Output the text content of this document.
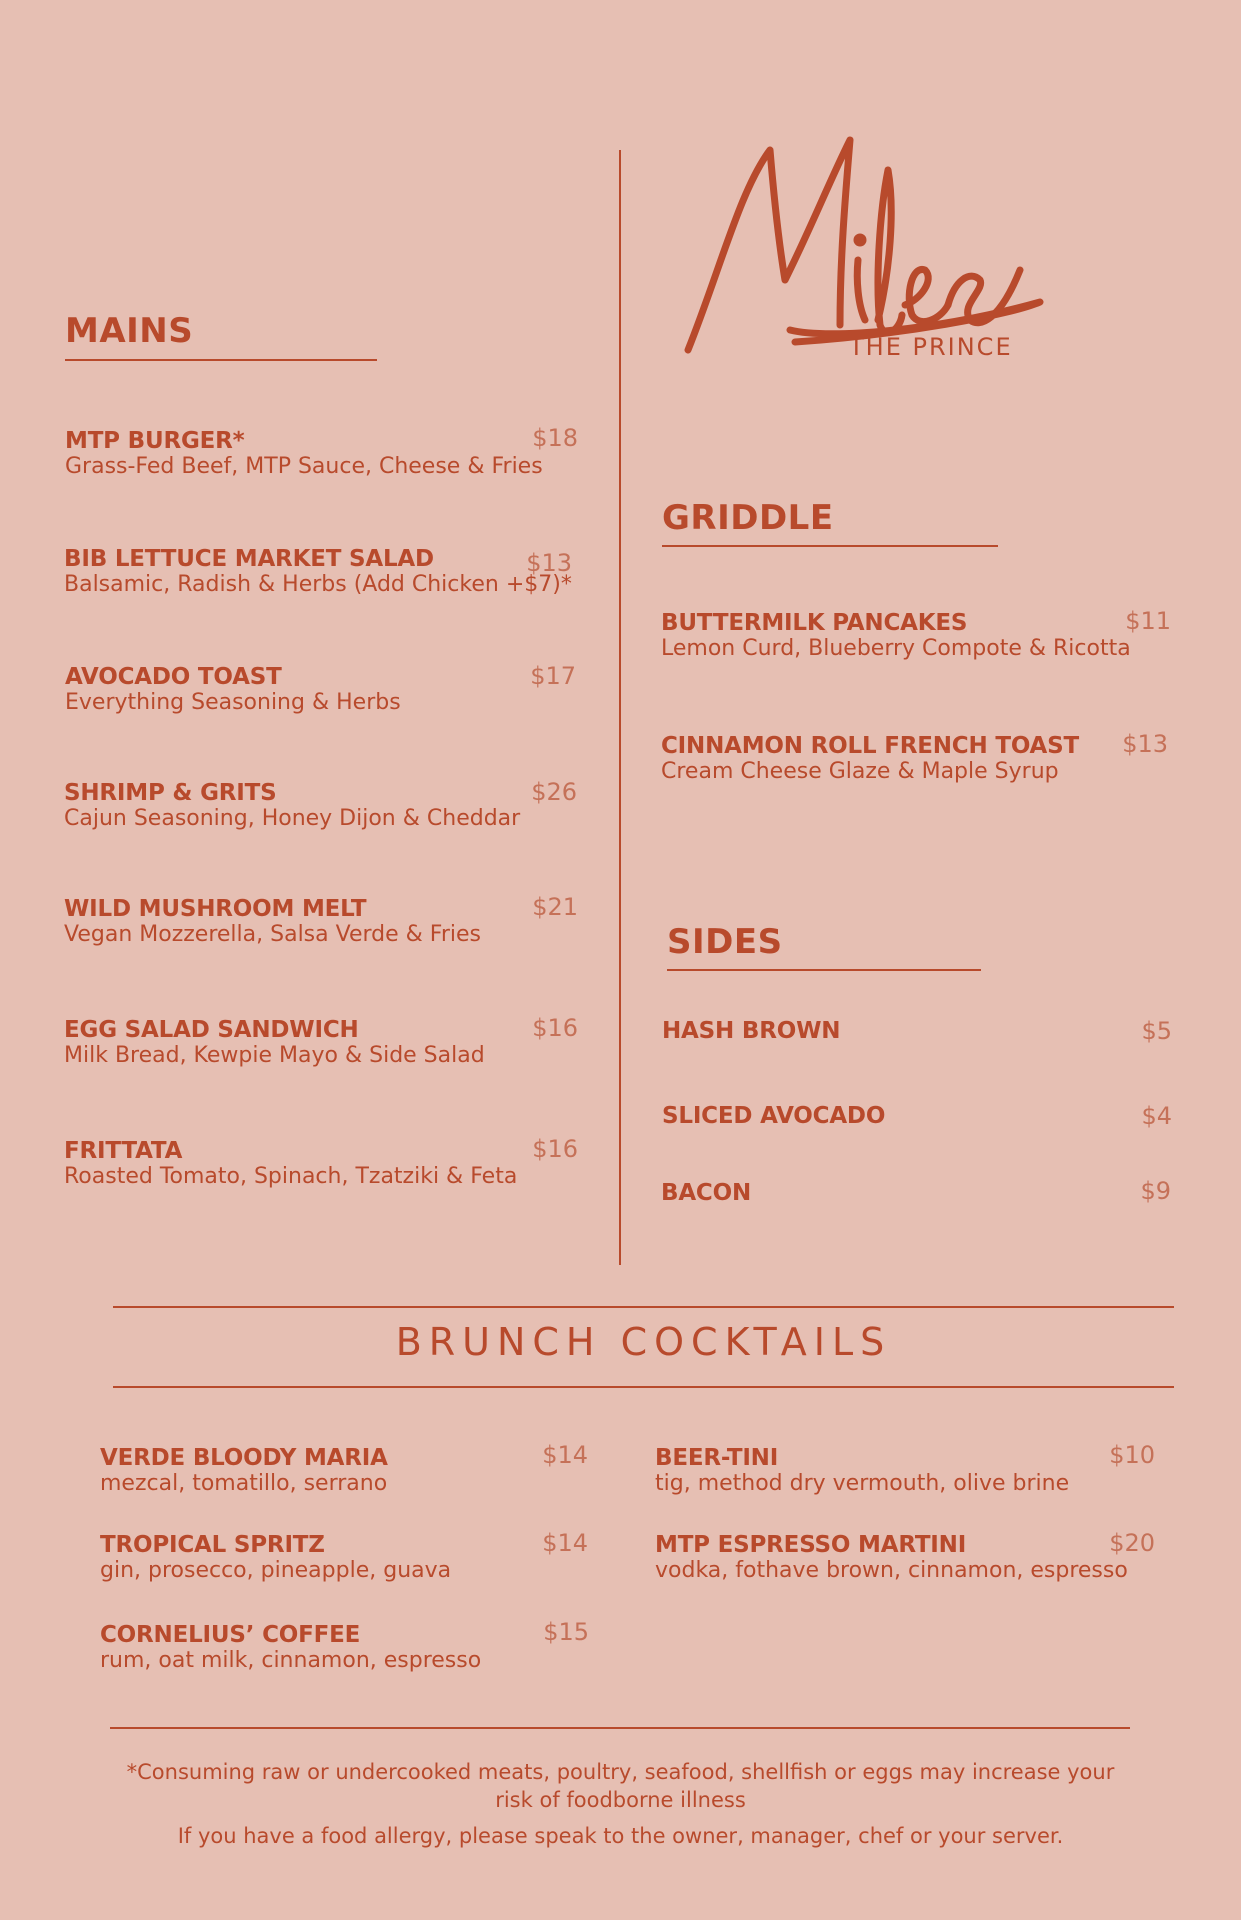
THE PRINCE
MAINS
MTP BURGER*
Grass-Fed Beef, MTP Sauce, Cheese & Fries
$18
BIB LETTUCE MARKET SALAD
Balsamic, Radish & Herbs (Add Chicken +$7)*
$13
AVOCADO TOAST
Everything Seasoning & Herbs
$17
SHRIMP & GRITS
Cajun Seasoning, Honey Dijon & Cheddar
$26
WILD MUSHROOM MELT
Vegan Mozzerella, Salsa Verde & Fries
$21
EGG SALAD SANDWICH
Milk Bread, Kewpie Mayo & Side Salad
$16
FRITTATA
Roasted Tomato, Spinach, Tzatziki & Feta
$16
GRIDDLE
BUTTERMILK PANCAKES
Lemon Curd, Blueberry Compote & Ricotta
$11
CINNAMON ROLL FRENCH TOAST
Cream Cheese Glaze & Maple Syrup
$13
SIDES
HASH BROWN	$5
SLICED AVOCADO	$4
BACON	$9
BRUNCH COCKTAILS
VERDE BLOODY MARIA
mezcal, tomatillo, serrano
$14
TROPICAL SPRITZ
gin, prosecco, pineapple, guava
$14
CORNELIUS’ COFFEE
rum, oat milk, cinnamon, espresso
$15
BEER-TINI
tig, method dry vermouth, olive brine
$10
MTP ESPRESSO MARTINI
vodka, fothave brown, cinnamon, espresso
$20
*Consuming raw or undercooked meats, poultry, seafood, shellfish or eggs may increase your
risk of foodborne illness
If you have a food allergy, please speak to the owner, manager, chef or your server.
